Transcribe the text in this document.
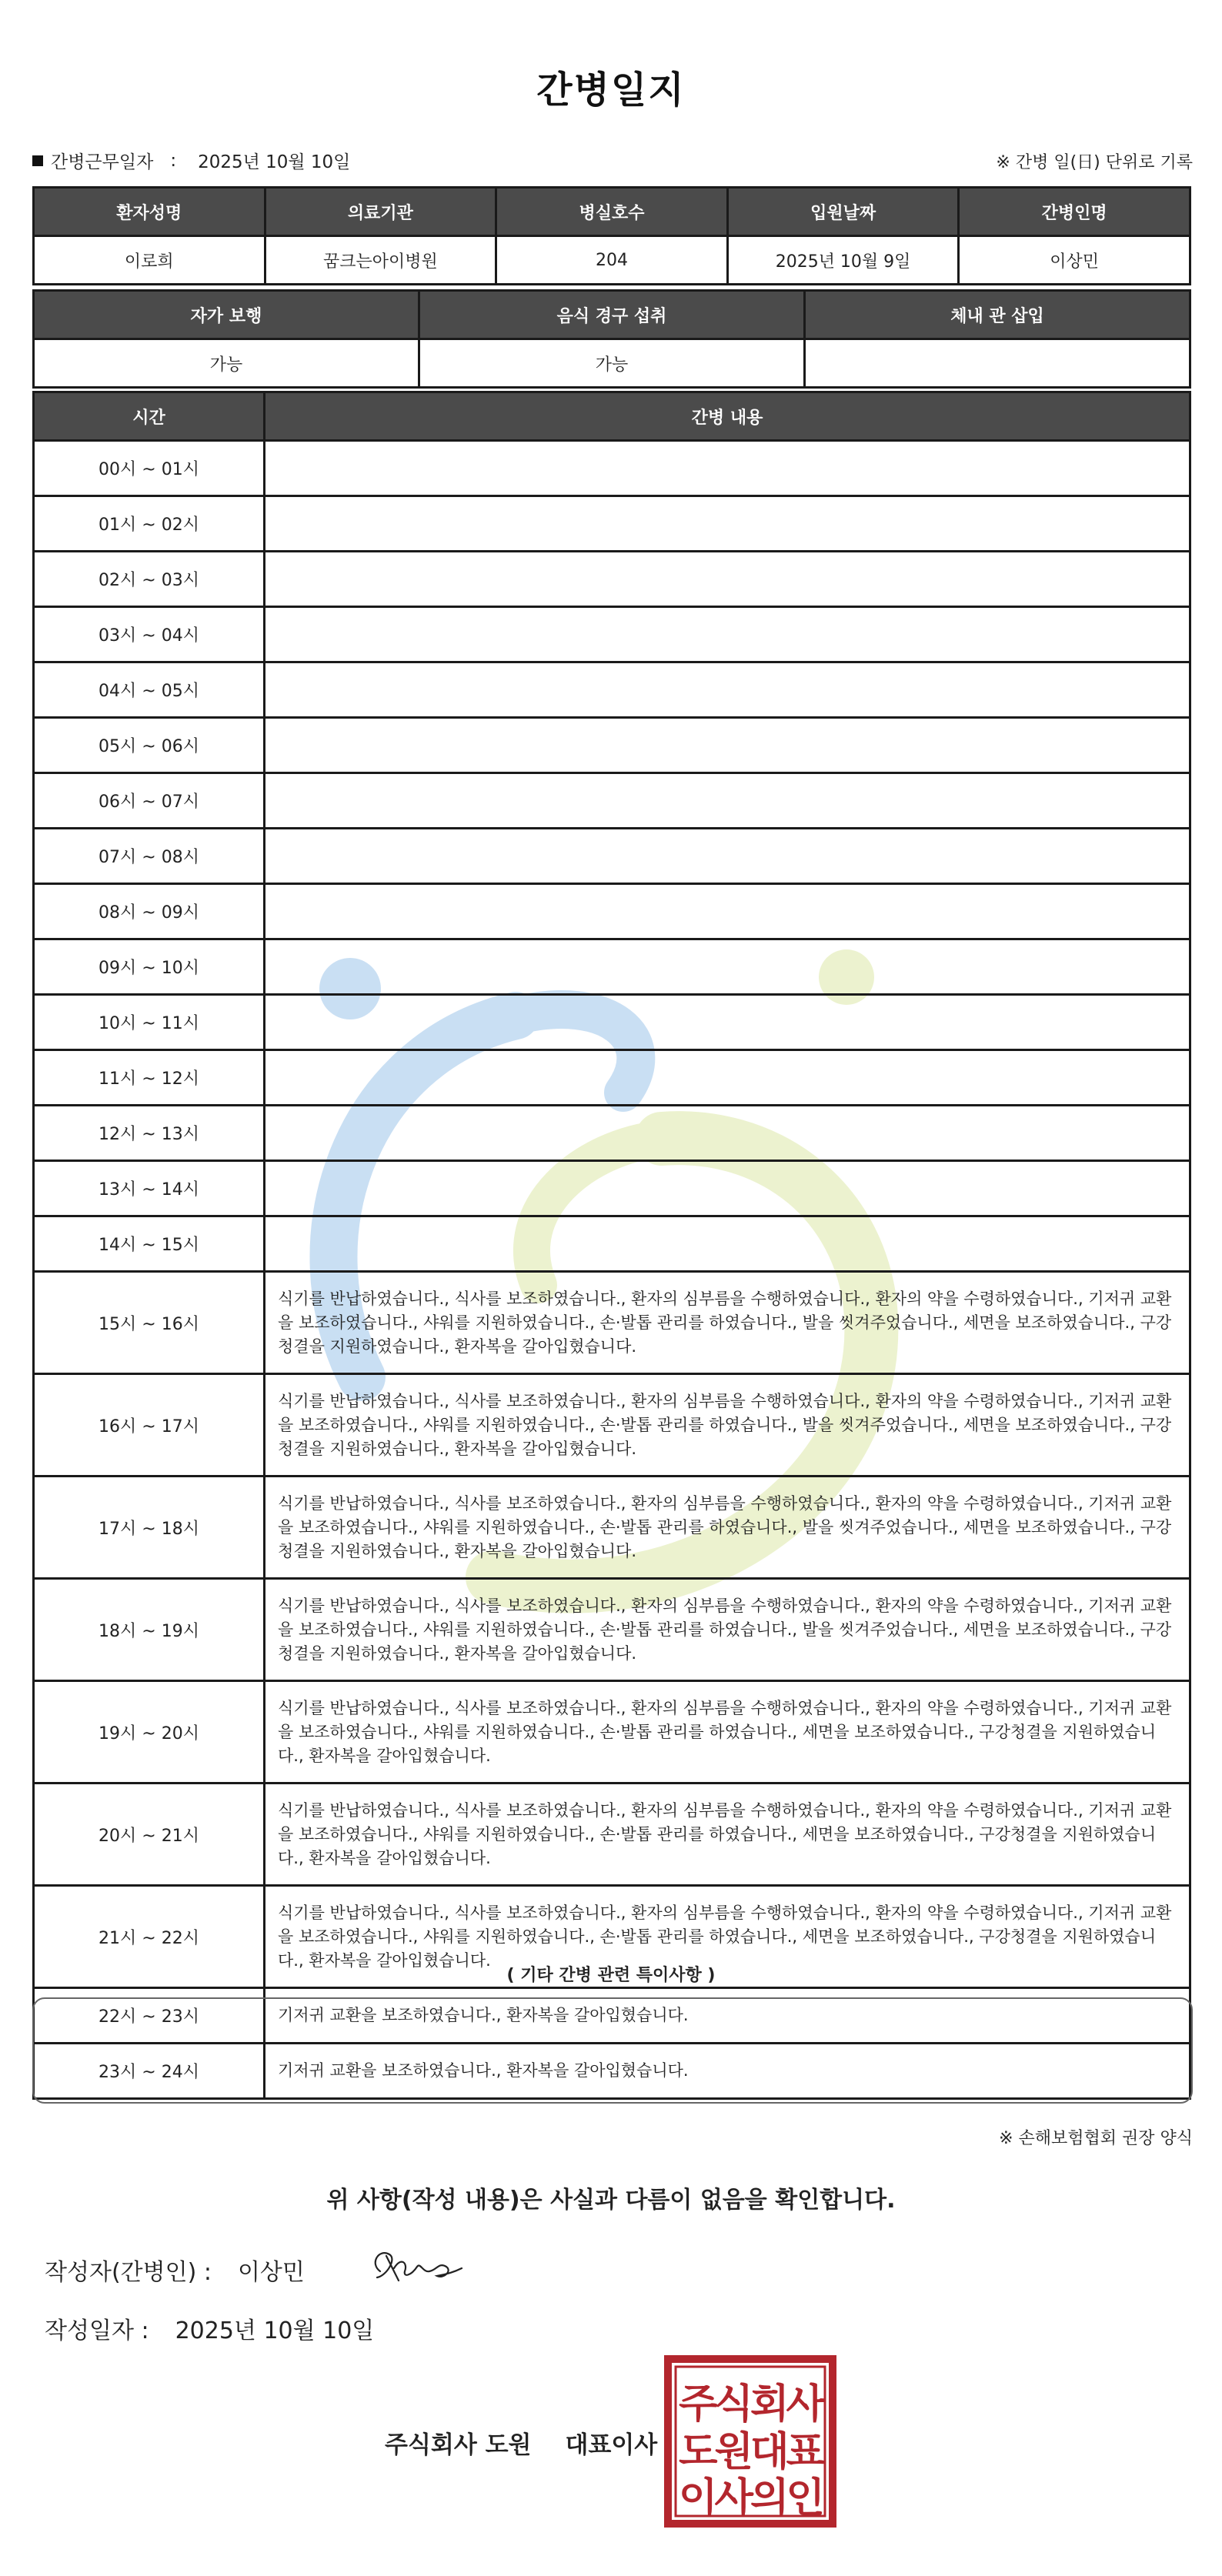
간병일지
간병근무일자 : 2025년 10월 10일	※ 간병 일(日) 단위로 기록
환자성명	의료기관	병실호수	입원날짜	간병인명
이로희	꿈크는아이병원	204	2025년 10월 9일	이상민
자가 보행	음식 경구 섭취	체내 관 삽입
가능	가능	
시간	간병 내용
00시 ~ 01시	
01시 ~ 02시	
02시 ~ 03시	
03시 ~ 04시	
04시 ~ 05시	
05시 ~ 06시	
06시 ~ 07시	
07시 ~ 08시	
08시 ~ 09시	
09시 ~ 10시	
10시 ~ 11시	
11시 ~ 12시	
12시 ~ 13시	
13시 ~ 14시	
14시 ~ 15시	
15시 ~ 16시	식기를 반납하였습니다., 식사를 보조하였습니다., 환자의 심부름을 수행하였습니다., 환자의 약을 수령하였습니다., 기저귀 교환을 보조하였습니다., 샤워를 지원하였습니다., 손·발톱 관리를 하였습니다., 발을 씻겨주었습니다., 세면을 보조하였습니다., 구강청결을 지원하였습니다., 환자복을 갈아입혔습니다.
16시 ~ 17시	식기를 반납하였습니다., 식사를 보조하였습니다., 환자의 심부름을 수행하였습니다., 환자의 약을 수령하였습니다., 기저귀 교환을 보조하였습니다., 샤워를 지원하였습니다., 손·발톱 관리를 하였습니다., 발을 씻겨주었습니다., 세면을 보조하였습니다., 구강청결을 지원하였습니다., 환자복을 갈아입혔습니다.
17시 ~ 18시	식기를 반납하였습니다., 식사를 보조하였습니다., 환자의 심부름을 수행하였습니다., 환자의 약을 수령하였습니다., 기저귀 교환을 보조하였습니다., 샤워를 지원하였습니다., 손·발톱 관리를 하였습니다., 발을 씻겨주었습니다., 세면을 보조하였습니다., 구강청결을 지원하였습니다., 환자복을 갈아입혔습니다.
18시 ~ 19시	식기를 반납하였습니다., 식사를 보조하였습니다., 환자의 심부름을 수행하였습니다., 환자의 약을 수령하였습니다., 기저귀 교환을 보조하였습니다., 샤워를 지원하였습니다., 손·발톱 관리를 하였습니다., 발을 씻겨주었습니다., 세면을 보조하였습니다., 구강청결을 지원하였습니다., 환자복을 갈아입혔습니다.
19시 ~ 20시	식기를 반납하였습니다., 식사를 보조하였습니다., 환자의 심부름을 수행하였습니다., 환자의 약을 수령하였습니다., 기저귀 교환을 보조하였습니다., 샤워를 지원하였습니다., 손·발톱 관리를 하였습니다., 세면을 보조하였습니다., 구강청결을 지원하였습니다., 환자복을 갈아입혔습니다.
20시 ~ 21시	식기를 반납하였습니다., 식사를 보조하였습니다., 환자의 심부름을 수행하였습니다., 환자의 약을 수령하였습니다., 기저귀 교환을 보조하였습니다., 샤워를 지원하였습니다., 손·발톱 관리를 하였습니다., 세면을 보조하였습니다., 구강청결을 지원하였습니다., 환자복을 갈아입혔습니다.
21시 ~ 22시	식기를 반납하였습니다., 식사를 보조하였습니다., 환자의 심부름을 수행하였습니다., 환자의 약을 수령하였습니다., 기저귀 교환을 보조하였습니다., 샤워를 지원하였습니다., 손·발톱 관리를 하였습니다., 세면을 보조하였습니다., 구강청결을 지원하였습니다., 환자복을 갈아입혔습니다.
22시 ~ 23시	기저귀 교환을 보조하였습니다., 환자복을 갈아입혔습니다.
23시 ~ 24시	기저귀 교환을 보조하였습니다., 환자복을 갈아입혔습니다.
( 기타 간병 관련 특이사항 )
※ 손해보험협회 권장 양식
위 사항(작성 내용)은 사실과 다름이 없음을 확인합니다.
작성자(간병인) : 이상민
작성일자 : 2025년 10월 10일
주식회사 도원 대표이사
주식회사
도원대표
이사의인
